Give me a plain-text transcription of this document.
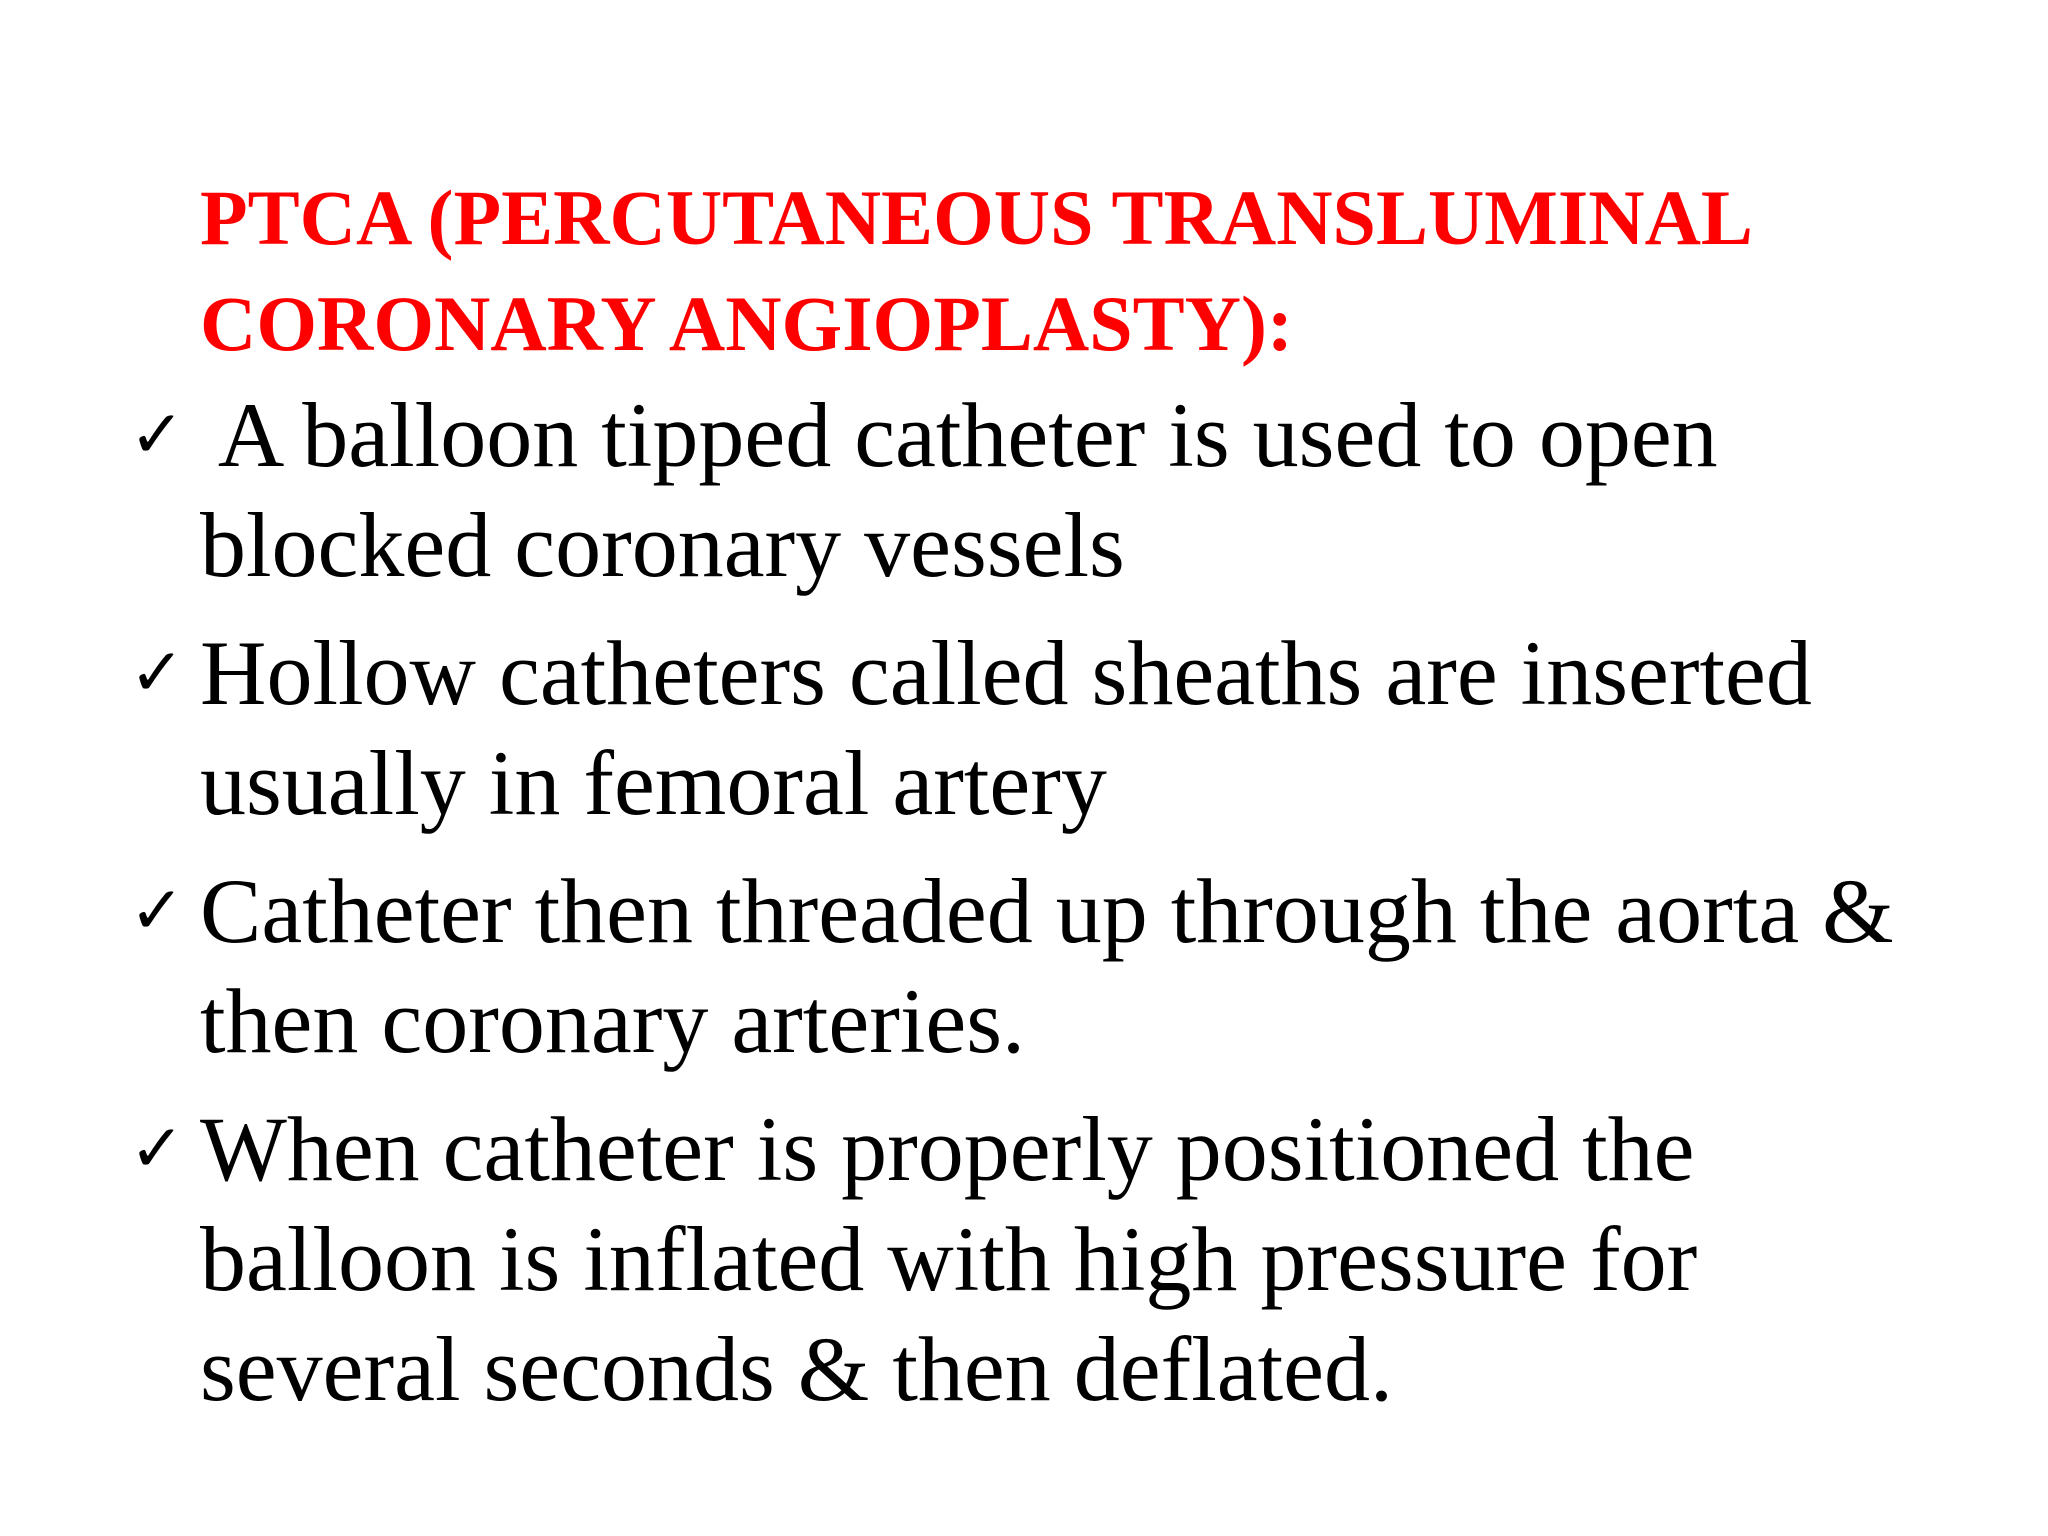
PTCA (PERCUTANEOUS TRANSLUMINAL
CORONARY ANGIOPLASTY):
✓ A balloon tipped catheter is used to open
blocked coronary vessels
✓ Hollow catheters called sheaths are inserted
usually in femoral artery
✓ Catheter then threaded up through the aorta &
then coronary arteries.
✓ When catheter is properly positioned the
balloon is inflated with high pressure for
several seconds & then deflated.
